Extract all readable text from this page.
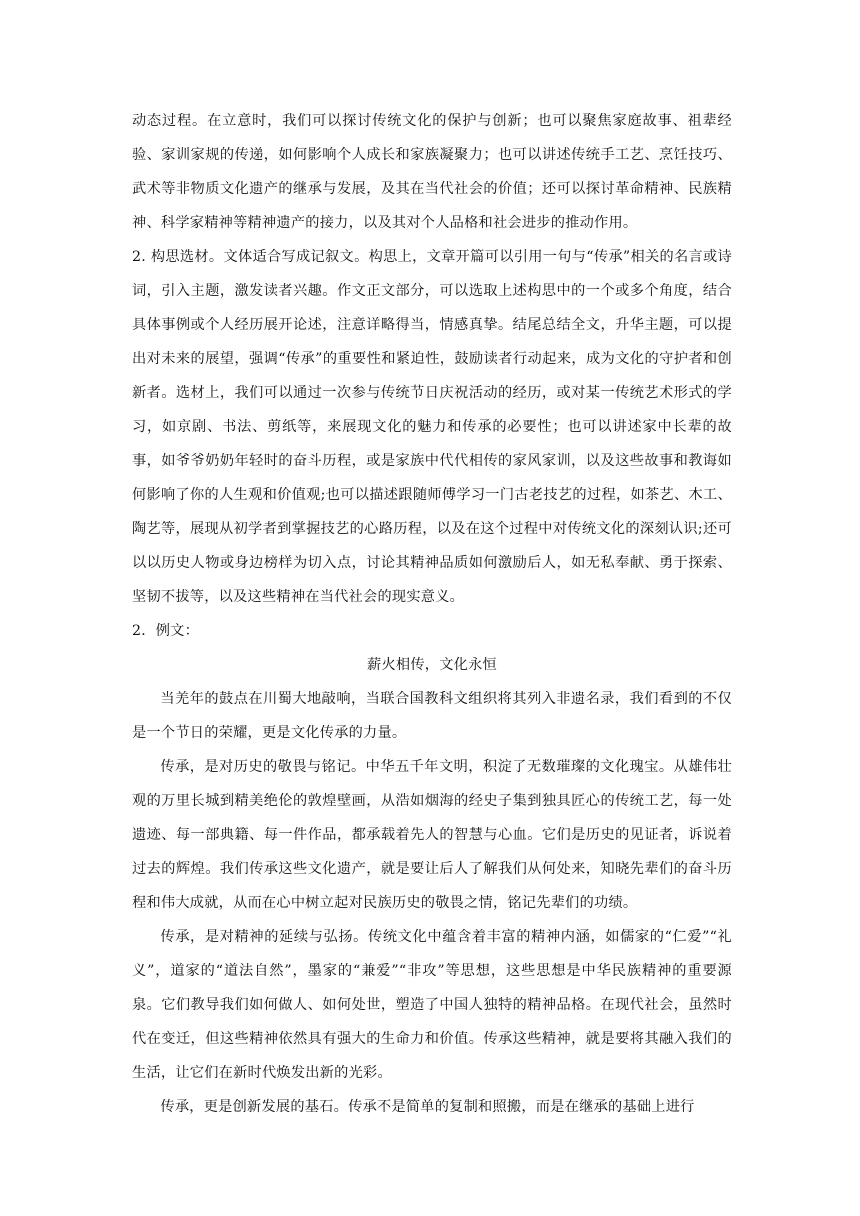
动态过程。在立意时，我们可以探讨传统文化的保护与创新；也可以聚焦家庭故事、祖辈经验、家训家规的传递，如何影响个人成长和家族凝聚力；也可以讲述传统手工艺、烹饪技巧、武术等非物质文化遗产的继承与发展，及其在当代社会的价值；还可以探讨革命精神、民族精神、科学家精神等精神遗产的接力，以及其对个人品格和社会进步的推动作用。

2. 构思选材。文体适合写成记叙文。构思上，文章开篇可以引用一句与“传承”相关的名言或诗词，引入主题，激发读者兴趣。作文正文部分，可以选取上述构思中的一个或多个角度，结合具体事例或个人经历展开论述，注意详略得当，情感真挚。结尾总结全文，升华主题，可以提出对未来的展望，强调“传承”的重要性和紧迫性，鼓励读者行动起来，成为文化的守护者和创新者。选材上，我们可以通过一次参与传统节日庆祝活动的经历，或对某一传统艺术形式的学习，如京剧、书法、剪纸等，来展现文化的魅力和传承的必要性；也可以讲述家中长辈的故事，如爷爷奶奶年轻时的奋斗历程，或是家族中代代相传的家风家训，以及这些故事和教诲如何影响了你的人生观和价值观;也可以描述跟随师傅学习一门古老技艺的过程，如茶艺、木工、陶艺等，展现从初学者到掌握技艺的心路历程，以及在这个过程中对传统文化的深刻认识;还可以以历史人物或身边榜样为切入点，讨论其精神品质如何激励后人，如无私奉献、勇于探索、坚韧不拔等，以及这些精神在当代社会的现实意义。

2．例文：

薪火相传，文化永恒

当羌年的鼓点在川蜀大地敲响，当联合国教科文组织将其列入非遗名录，我们看到的不仅是一个节日的荣耀，更是文化传承的力量。

传承，是对历史的敬畏与铭记。中华五千年文明，积淀了无数璀璨的文化瑰宝。从雄伟壮观的万里长城到精美绝伦的敦煌壁画，从浩如烟海的经史子集到独具匠心的传统工艺，每一处遗迹、每一部典籍、每一件作品，都承载着先人的智慧与心血。它们是历史的见证者，诉说着过去的辉煌。我们传承这些文化遗产，就是要让后人了解我们从何处来，知晓先辈们的奋斗历程和伟大成就，从而在心中树立起对民族历史的敬畏之情，铭记先辈们的功绩。

传承，是对精神的延续与弘扬。传统文化中蕴含着丰富的精神内涵，如儒家的“仁爱”“礼义”，道家的“道法自然”，墨家的“兼爱”“非攻”等思想，这些思想是中华民族精神的重要源泉。它们教导我们如何做人、如何处世，塑造了中国人独特的精神品格。在现代社会，虽然时代在变迁，但这些精神依然具有强大的生命力和价值。传承这些精神，就是要将其融入我们的生活，让它们在新时代焕发出新的光彩。

传承，更是创新发展的基石。传承不是简单的复制和照搬，而是在继承的基础上进行
